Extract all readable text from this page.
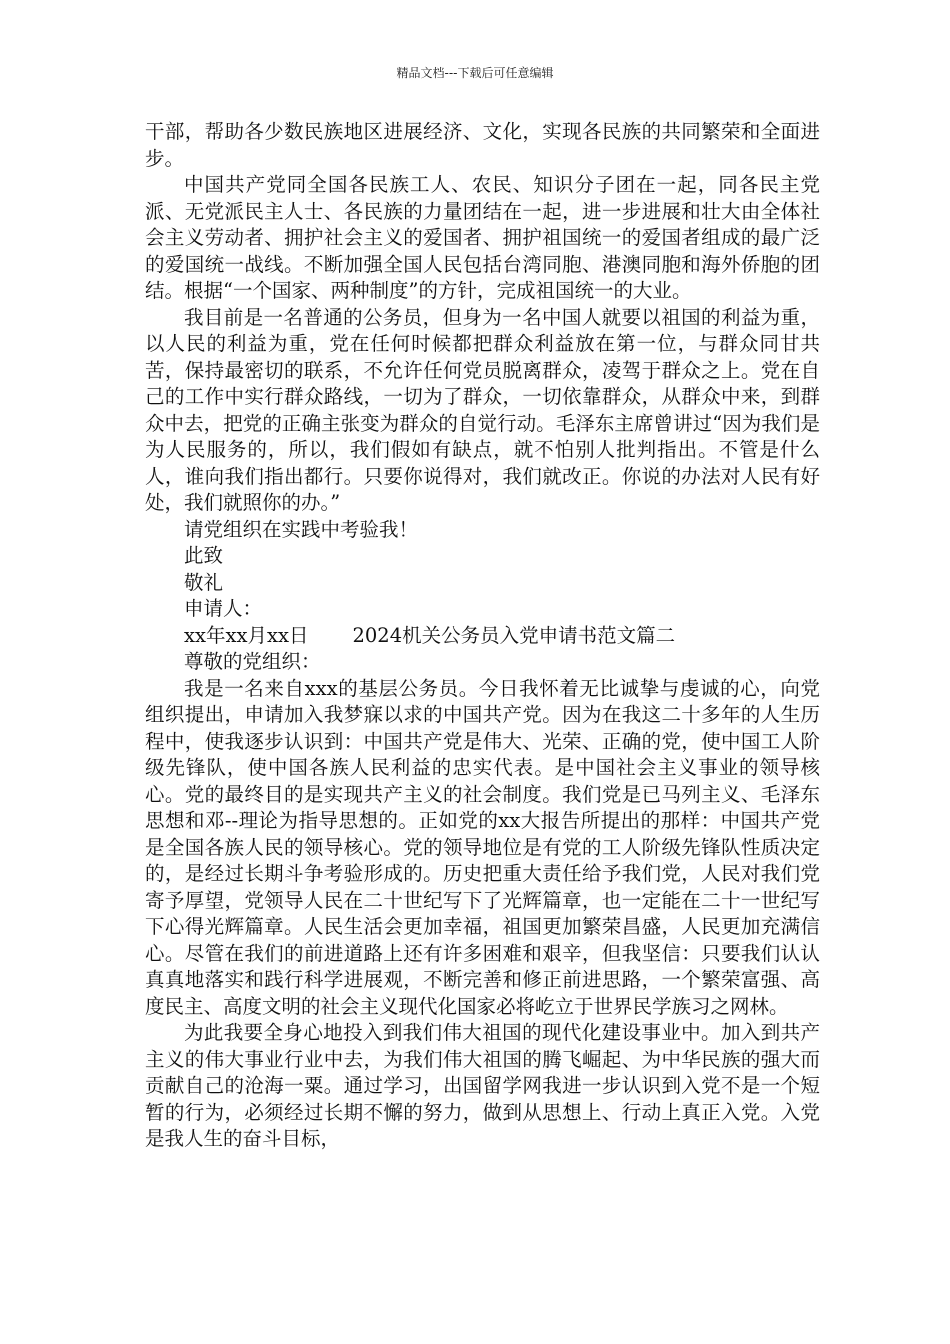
精品文档---下载后可任意编辑

干部，帮助各少数民族地区进展经济、文化，实现各民族的共同繁荣和全面进步。

中国共产党同全国各民族工人、农民、知识分子团在一起，同各民主党派、无党派民主人士、各民族的力量团结在一起，进一步进展和壮大由全体社会主义劳动者、拥护社会主义的爱国者、拥护祖国统一的爱国者组成的最广泛的爱国统一战线。不断加强全国人民包括台湾同胞、港澳同胞和海外侨胞的团结。根据“一个国家、两种制度”的方针，完成祖国统一的大业。

我目前是一名普通的公务员，但身为一名中国人就要以祖国的利益为重，以人民的利益为重，党在任何时候都把群众利益放在第一位，与群众同甘共苦，保持最密切的联系，不允许任何党员脱离群众，凌驾于群众之上。党在自己的工作中实行群众路线，一切为了群众，一切依靠群众，从群众中来，到群众中去，把党的正确主张变为群众的自觉行动。毛泽东主席曾讲过“因为我们是为人民服务的，所以，我们假如有缺点，就不怕别人批判指出。不管是什么人，谁向我们指出都行。只要你说得对，我们就改正。你说的办法对人民有好处，我们就照你的办。”

请党组织在实践中考验我！

此致

敬礼

申请人：

xx年xx月xx日 2024机关公务员入党申请书范文篇二

尊敬的党组织：

我是一名来自xxx的基层公务员。今日我怀着无比诚挚与虔诚的心，向党组织提出，申请加入我梦寐以求的中国共产党。因为在我这二十多年的人生历程中，使我逐步认识到：中国共产党是伟大、光荣、正确的党，使中国工人阶级先锋队，使中国各族人民利益的忠实代表。是中国社会主义事业的领导核心。党的最终目的是实现共产主义的社会制度。我们党是已马列主义、毛泽东思想和邓--理论为指导思想的。正如党的xx大报告所提出的那样：中国共产党是全国各族人民的领导核心。党的领导地位是有党的工人阶级先锋队性质决定的，是经过长期斗争考验形成的。历史把重大责任给予我们党，人民对我们党寄予厚望，党领导人民在二十世纪写下了光辉篇章，也一定能在二十一世纪写下心得光辉篇章。人民生活会更加幸福，祖国更加繁荣昌盛，人民更加充满信心。尽管在我们的前进道路上还有许多困难和艰辛，但我坚信：只要我们认认真真地落实和践行科学进展观，不断完善和修正前进思路，一个繁荣富强、高度民主、高度文明的社会主义现代化国家必将屹立于世界民学族习之网林。

为此我要全身心地投入到我们伟大祖国的现代化建设事业中。加入到共产主义的伟大事业行业中去，为我们伟大祖国的腾飞崛起、为中华民族的强大而贡献自己的沧海一粟。通过学习，出国留学网我进一步认识到入党不是一个短暂的行为，必须经过长期不懈的努力，做到从思想上、行动上真正入党。入党是我人生的奋斗目标，
